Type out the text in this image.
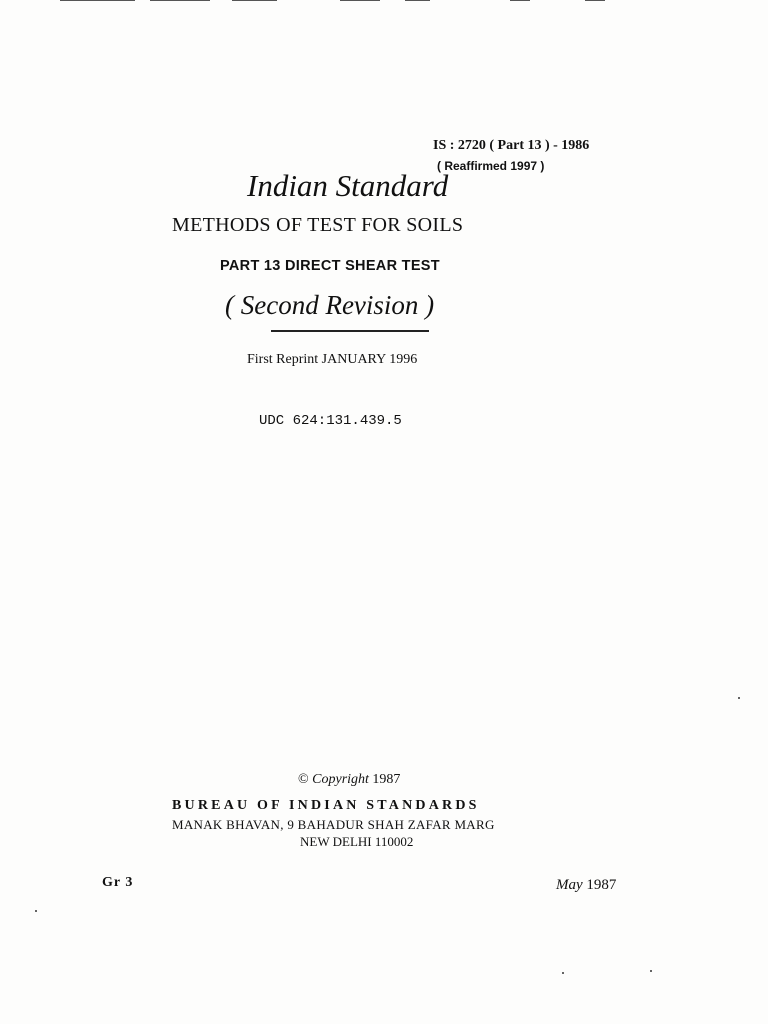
IS : 2720 ( Part 13 ) - 1986
( Reaffirmed 1997 )
Indian Standard
METHODS OF TEST FOR SOILS
PART 13 DIRECT SHEAR TEST
( Second Revision )
First Reprint JANUARY 1996
UDC 624:131.439.5
© Copyright 1987
BUREAU OF INDIAN STANDARDS
MANAK BHAVAN, 9 BAHADUR SHAH ZAFAR MARG
NEW DELHI 110002
Gr 3	May 1987
